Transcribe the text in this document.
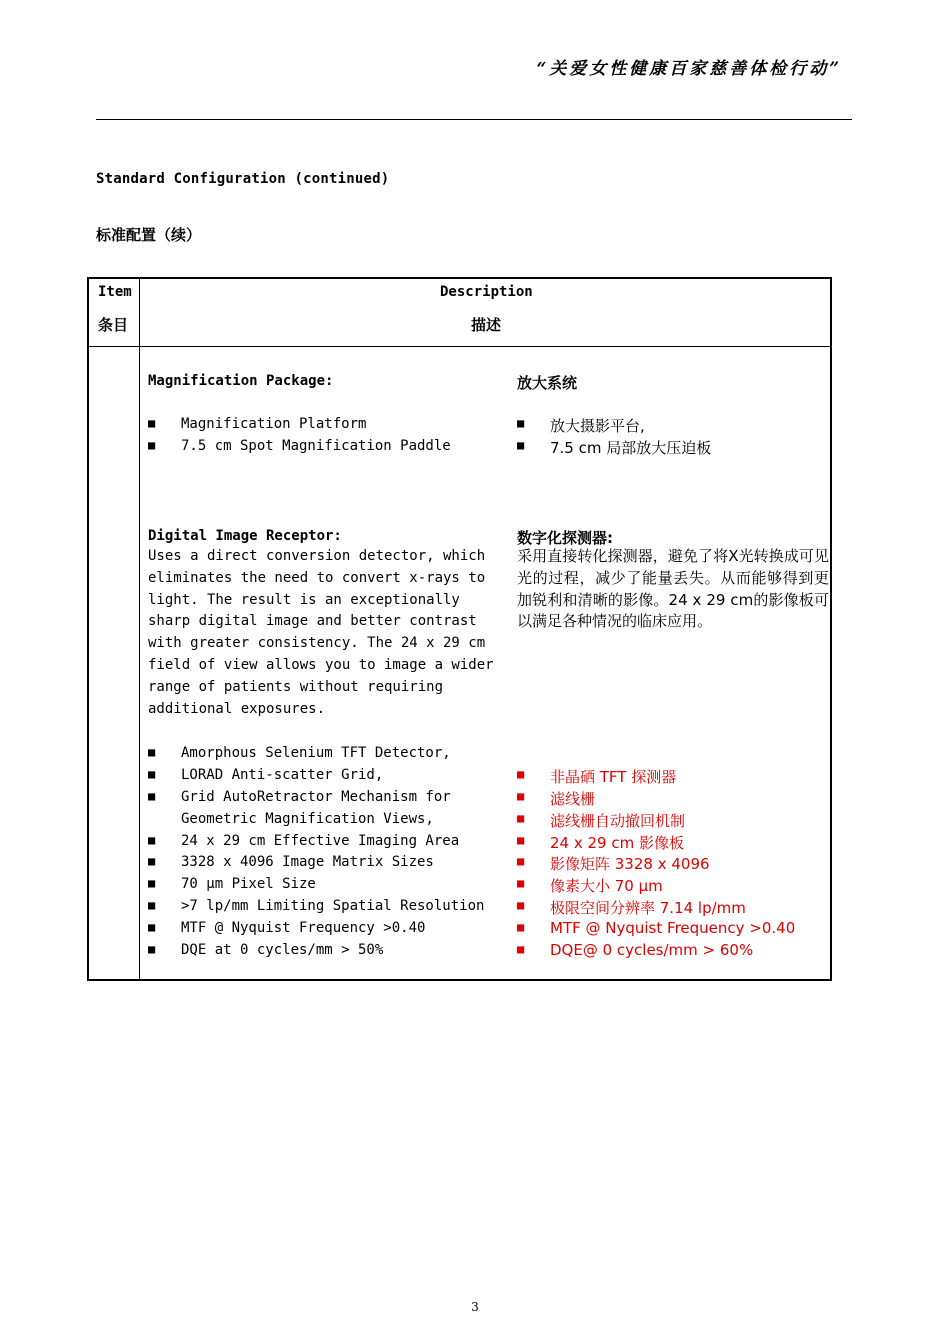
“关爱女性健康百家慈善体检行动”
Standard Configuration (continued)
标准配置（续）
Item
条目
Description
描述
Magnification Package:	放大系统
■ Magnification Platform
■ 7.5 cm Spot Magnification Paddle
■ 放大摄影平台,
■ 7.5 cm 局部放大压迫板
Digital Image Receptor:	数字化探测器:
Uses a direct conversion detector, which
eliminates the need to convert x-rays to
light. The result is an exceptionally
sharp digital image and better contrast
with greater consistency. The 24 x 29 cm
field of view allows you to image a wider
range of patients without requiring
additional exposures.
采用直接转化探测器，避免了将X光转换成可见光的过程，减少了能量丢失。从而能够得到更加锐利和清晰的影像。24 x 29 cm的影像板可以满足各种情况的临床应用。
■ Amorphous Selenium TFT Detector,
■ LORAD Anti-scatter Grid,
■ Grid AutoRetractor Mechanism for
Geometric Magnification Views,
■ 24 x 29 cm Effective Imaging Area
■ 3328 x 4096 Image Matrix Sizes
■ 70 μm Pixel Size
■ >7 lp/mm Limiting Spatial Resolution
■ MTF @ Nyquist Frequency >0.40
■ DQE at 0 cycles/mm > 50%
■ 非晶硒 TFT 探测器
■ 滤线栅
■ 滤线栅自动撤回机制
■ 24 x 29 cm 影像板
■ 影像矩阵 3328 x 4096
■ 像素大小 70 μm
■ 极限空间分辨率 7.14 lp/mm
■ MTF @ Nyquist Frequency >0.40
■ DQE@ 0 cycles/mm > 60%
3
